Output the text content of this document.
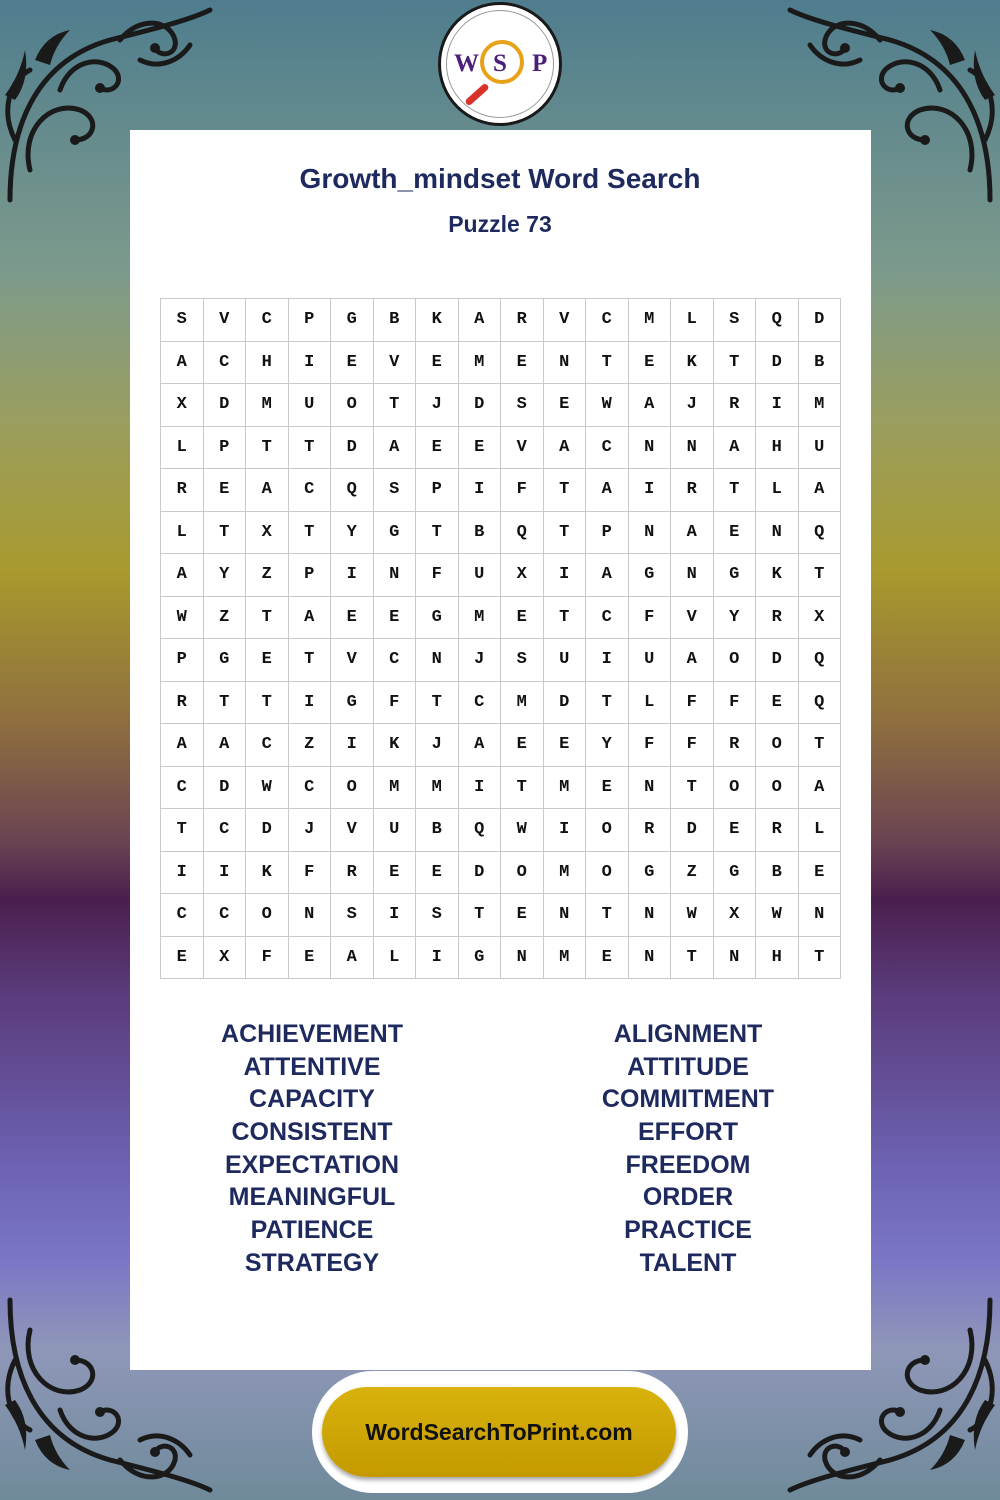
W S P
Growth_mindset Word Search
Puzzle 73
S	V	C	P	G	B	K	A	R	V	C	M	L	S	Q	D
A	C	H	I	E	V	E	M	E	N	T	E	K	T	D	B
X	D	M	U	O	T	J	D	S	E	W	A	J	R	I	M
L	P	T	T	D	A	E	E	V	A	C	N	N	A	H	U
R	E	A	C	Q	S	P	I	F	T	A	I	R	T	L	A
L	T	X	T	Y	G	T	B	Q	T	P	N	A	E	N	Q
A	Y	Z	P	I	N	F	U	X	I	A	G	N	G	K	T
W	Z	T	A	E	E	G	M	E	T	C	F	V	Y	R	X
P	G	E	T	V	C	N	J	S	U	I	U	A	O	D	Q
R	T	T	I	G	F	T	C	M	D	T	L	F	F	E	Q
A	A	C	Z	I	K	J	A	E	E	Y	F	F	R	O	T
C	D	W	C	O	M	M	I	T	M	E	N	T	O	O	A
T	C	D	J	V	U	B	Q	W	I	O	R	D	E	R	L
I	I	K	F	R	E	E	D	O	M	O	G	Z	G	B	E
C	C	O	N	S	I	S	T	E	N	T	N	W	X	W	N
E	X	F	E	A	L	I	G	N	M	E	N	T	N	H	T
ACHIEVEMENT
ATTENTIVE
CAPACITY
CONSISTENT
EXPECTATION
MEANINGFUL
PATIENCE
STRATEGY
ALIGNMENT
ATTITUDE
COMMITMENT
EFFORT
FREEDOM
ORDER
PRACTICE
TALENT
WordSearchToPrint.com
